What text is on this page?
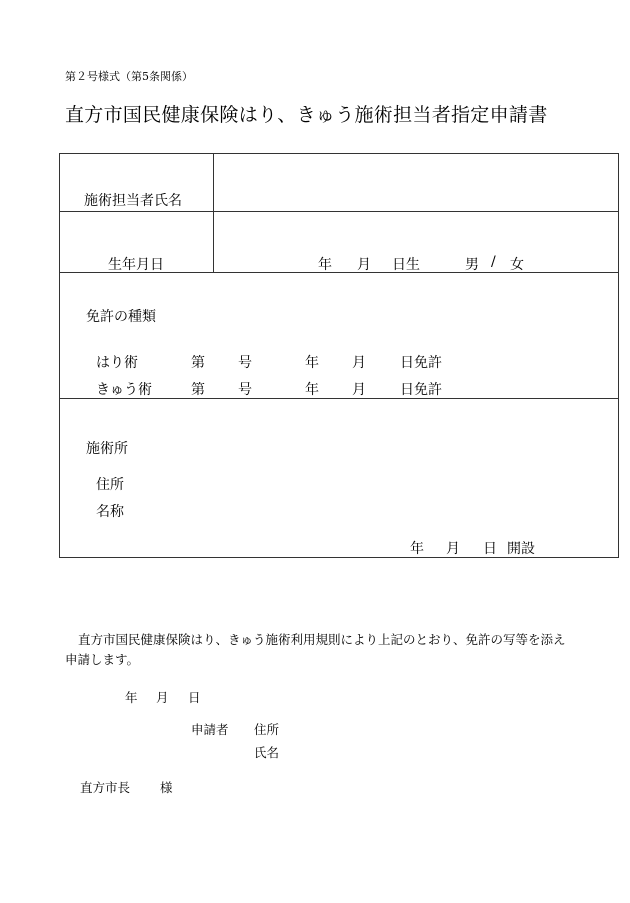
第２号様式（第5条関係）
直方市国民健康保険はり、きゅう施術担当者指定申請書
施術担当者氏名
生年月日	年 月 日生	男 / 女
免許の種類
はり術	第 号	年 月 日免許
きゅう術	第 号	年 月 日免許
施術所
住所
名称
年 月 日 開設
直方市国民健康保険はり、きゅう施術利用規則により上記のとおり、免許の写等を添え申請します。
年 月 日
申請者 住所
氏名
直方市長 様
